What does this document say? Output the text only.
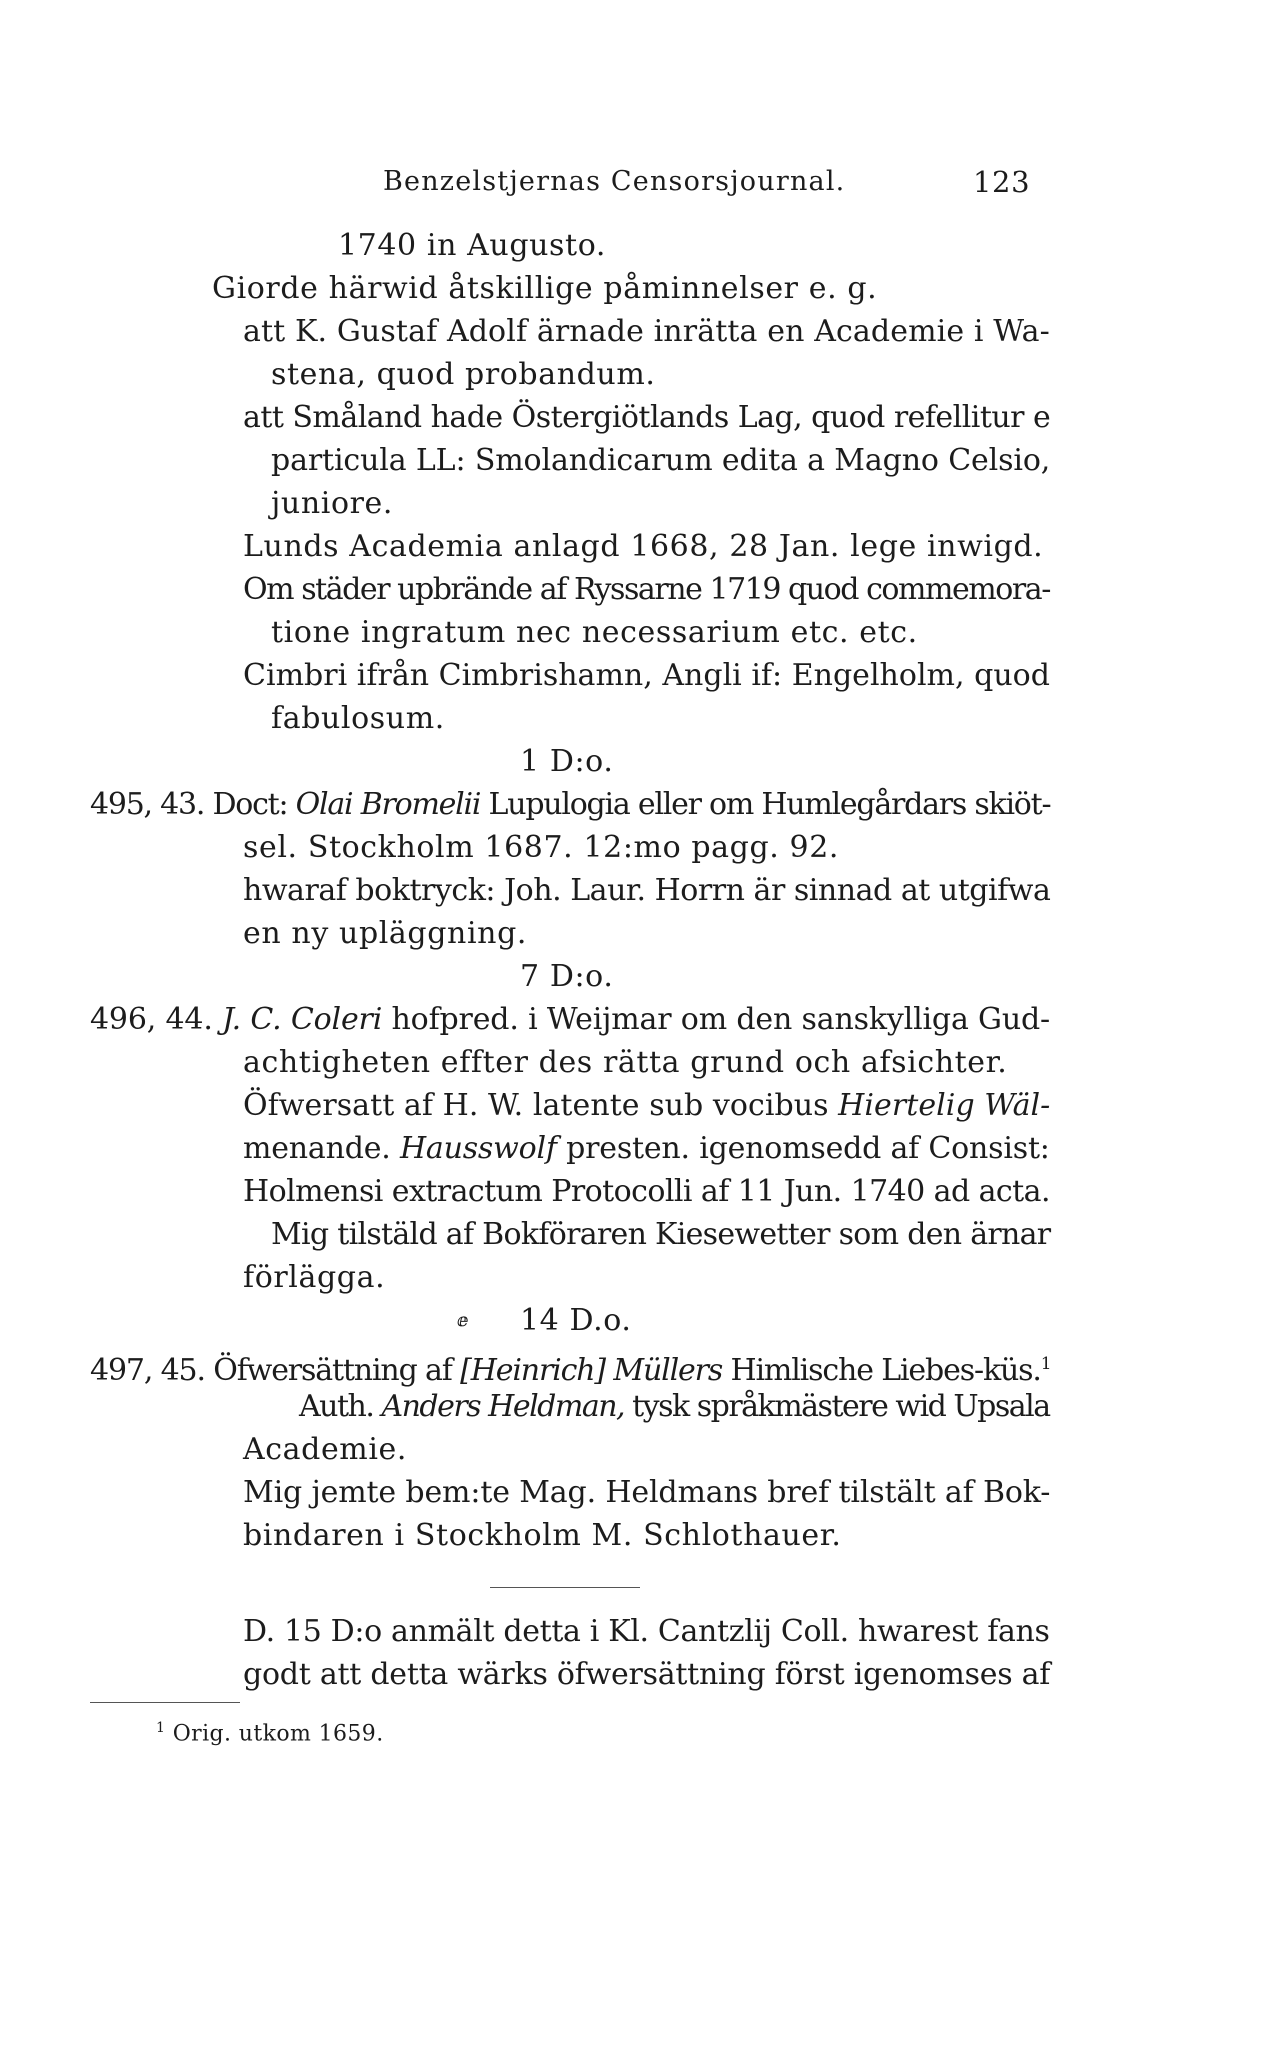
Benzelstjernas Censorsjournal.	123
1740 in Augusto.
Giorde härwid åtskillige påminnelser e. g.
att K. Gustaf Adolf ärnade inrätta en Academie i Wa-
stena, quod probandum.
att Småland hade Östergiötlands Lag, quod refellitur e
particula LL: Smolandicarum edita a Magno Celsio,
juniore.
Lunds Academia anlagd 1668, 28 Jan. lege inwigd.
Om städer upbrände af Ryssarne 1719 quod commemora-
tione ingratum nec necessarium etc. etc.
Cimbri ifrån Cimbrishamn, Angli if: Engelholm, quod
fabulosum.
1 D:o.
495, 43. Doct: Olai Bromelii Lupulogia eller om Humlegårdars skiöt-
sel. Stockholm 1687. 12:mo pagg. 92.
hwaraf boktryck: Joh. Laur. Horrn är sinnad at utgifwa
en ny upläggning.
7 D:o.
496, 44. J. C. Coleri hofpred. i Weijmar om den sanskylliga Gud-
achtigheten effter des rätta grund och afsichter.
Öfwersatt af H. W. latente sub vocibus Hiertelig Wäl-
menande. Hausswolf presten. igenomsedd af Consist:
Holmensi extractum Protocolli af 11 Jun. 1740 ad acta.
Mig tilstäld af Bokföraren Kiesewetter som den ärnar
förlägga.
ⅇ 14 D.o.
497, 45. Öfwersättning af [Heinrich] Müllers Himlische Liebes-küs.$^1$
Auth. Anders Heldman, tysk språkmästere wid Upsala
Academie.
Mig jemte bem:te Mag. Heldmans bref tilstält af Bok-
bindaren i Stockholm M. Schlothauer.
D. 15 D:o anmält detta i Kl. Cantzlij Coll. hwarest fans
godt att detta wärks öfwersättning först igenomses af
$^1$ Orig. utkom 1659.
